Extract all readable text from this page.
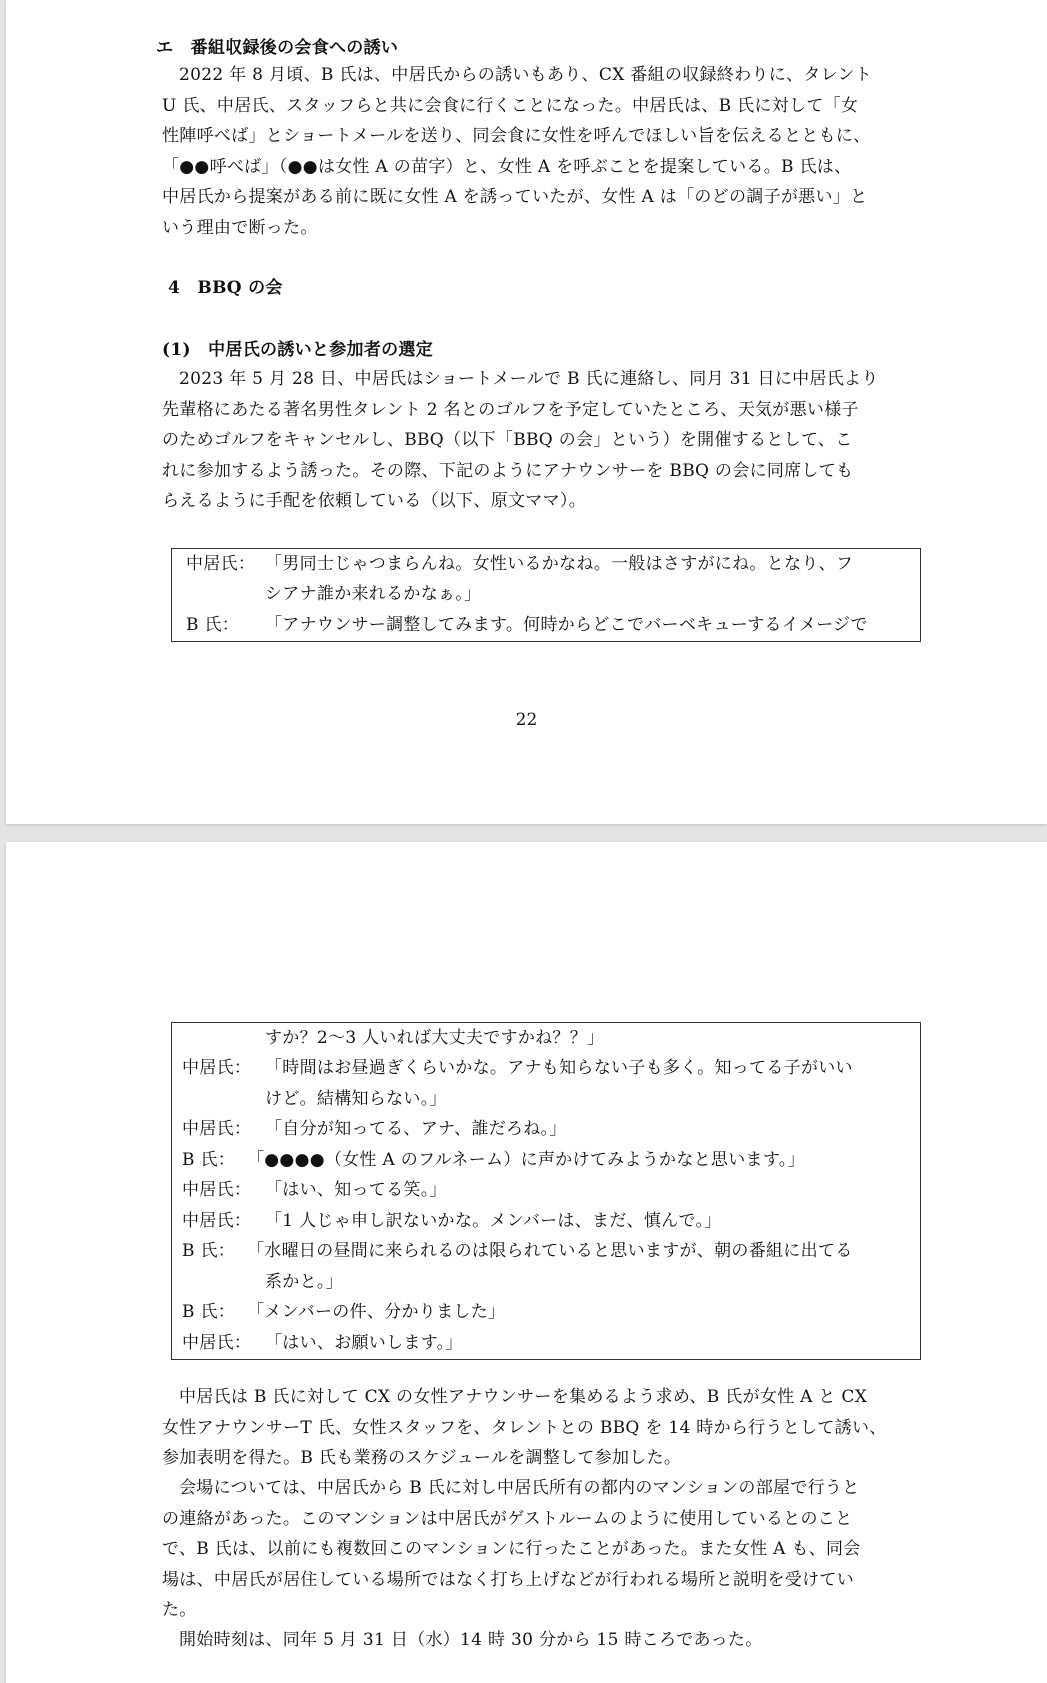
エ　番組収録後の会食への誘い

2022 年 8 月頃、B 氏は、中居氏からの誘いもあり、CX 番組の収録終わりに、タレント

U 氏、中居氏、スタッフらと共に会食に行くことになった。中居氏は、B 氏に対して「女

性陣呼べば」とショートメールを送り、同会食に女性を呼んでほしい旨を伝えるとともに、

「●●呼べば」（●●は女性 A の苗字）と、女性 A を呼ぶことを提案している。B 氏は、

中居氏から提案がある前に既に女性 A を誘っていたが、女性 A は「のどの調子が悪い」と

いう理由で断った。

4　BBQ の会
(1)　中居氏の誘いと参加者の選定

2023 年 5 月 28 日、中居氏はショートメールで B 氏に連絡し、同月 31 日に中居氏より

先輩格にあたる著名男性タレント 2 名とのゴルフを予定していたところ、天気が悪い様子

のためゴルフをキャンセルし、BBQ（以下「BBQ の会」という）を開催するとして、こ

れに参加するよう誘った。その際、下記のようにアナウンサーを BBQ の会に同席しても

らえるように手配を依頼している（以下、原文ママ）。

中居氏： 「男同士じゃつまらんね。女性いるかなね。一般はさすがにね。となり、フ
シアナ誰か来れるかなぁ。」
B 氏： 「アナウンサー調整してみます。何時からどこでバーベキューするイメージで
22
すか？2～3 人いれば大丈夫ですかね？？」
中居氏： 「時間はお昼過ぎくらいかな。アナも知らない子も多く。知ってる子がいい
けど。結構知らない。」
中居氏： 「自分が知ってる、アナ、誰だろね。」
B 氏： 「●●●●（女性 A のフルネーム）に声かけてみようかなと思います。」
中居氏： 「はい、知ってる笑。」
中居氏： 「1 人じゃ申し訳ないかな。メンバーは、まだ、慎んで。」
B 氏： 「水曜日の昼間に来られるのは限られていると思いますが、朝の番組に出てる
系かと。」
B 氏： 「メンバーの件、分かりました」
中居氏： 「はい、お願いします。」

中居氏は B 氏に対して CX の女性アナウンサーを集めるよう求め、B 氏が女性 A と CX

女性アナウンサーT 氏、女性スタッフを、タレントとの BBQ を 14 時から行うとして誘い、

参加表明を得た。B 氏も業務のスケジュールを調整して参加した。

会場については、中居氏から B 氏に対し中居氏所有の都内のマンションの部屋で行うと

の連絡があった。このマンションは中居氏がゲストルームのように使用しているとのこと

で、B 氏は、以前にも複数回このマンションに行ったことがあった。また女性 A も、同会

場は、中居氏が居住している場所ではなく打ち上げなどが行われる場所と説明を受けてい

た。

開始時刻は、同年 5 月 31 日（水）14 時 30 分から 15 時ころであった。
